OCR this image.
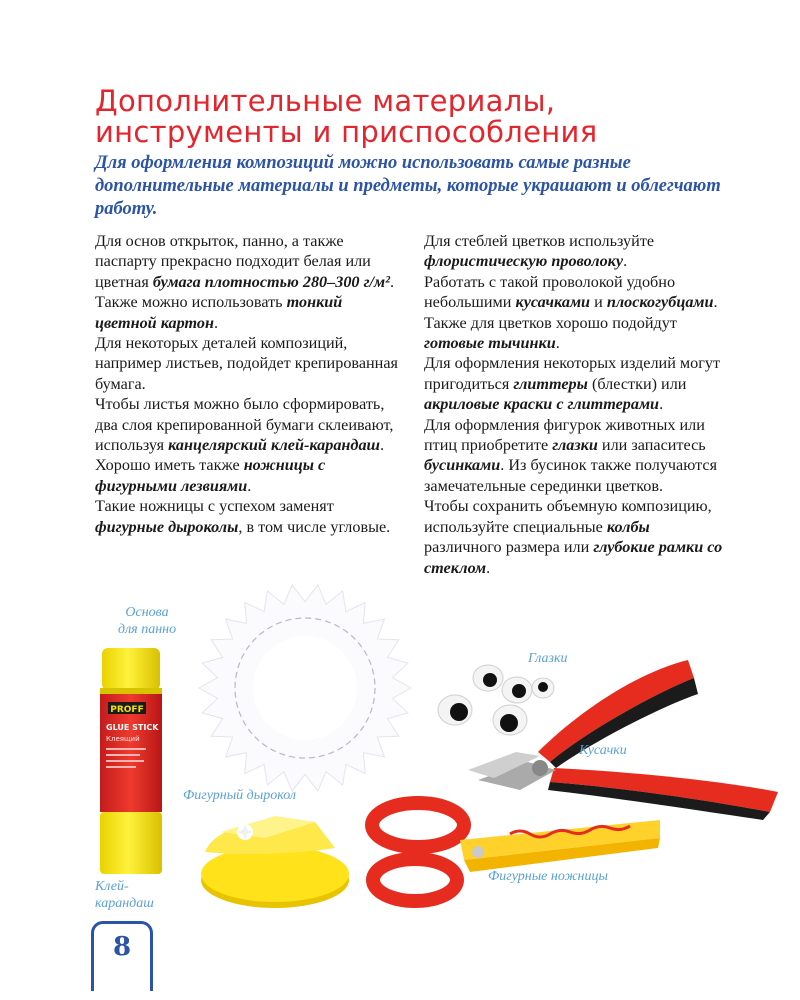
Дополнительные материалы,
инструменты и приспособления

Для оформления композиций можно использовать самые разные дополнительные материалы и предметы, которые украшают и облегчают работу.

Для основ открыток, панно, а также паспарту прекрасно подходит белая или цветная бумага плотностью 280–300 г/м².
Также можно использовать тонкий цветной картон.
Для некоторых деталей композиций, например листьев, подойдет крепированная бумага.
Чтобы листья можно было сформировать, два слоя крепированной бумаги склеивают, используя канцелярский клей-карандаш.
Хорошо иметь также ножницы с фигурными лезвиями.
Такие ножницы с успехом заменят фигурные дыроколы, в том числе угловые.
Для стеблей цветков используйте флористическую проволоку.
Работать с такой проволокой удобно небольшими кусачками и плоскогубцами.
Также для цветков хорошо подойдут готовые тычинки.
Для оформления некоторых изделий могут пригодиться глиттеры (блестки) или акриловые краски с глиттерами.
Для оформления фигурок животных или птиц приобретите глазки или запаситесь бусинками. Из бусинок также получаются замечательные серединки цветков.
Чтобы сохранить объемную композицию, используйте специальные колбы различного размера или глубокие рамки со стеклом.
PROFF
GLUE STICK
Клеящий
Основа
для панно
Глазки
Кусачки
Фигурный дырокол
Фигурные ножницы
Клей-
карандаш
8
